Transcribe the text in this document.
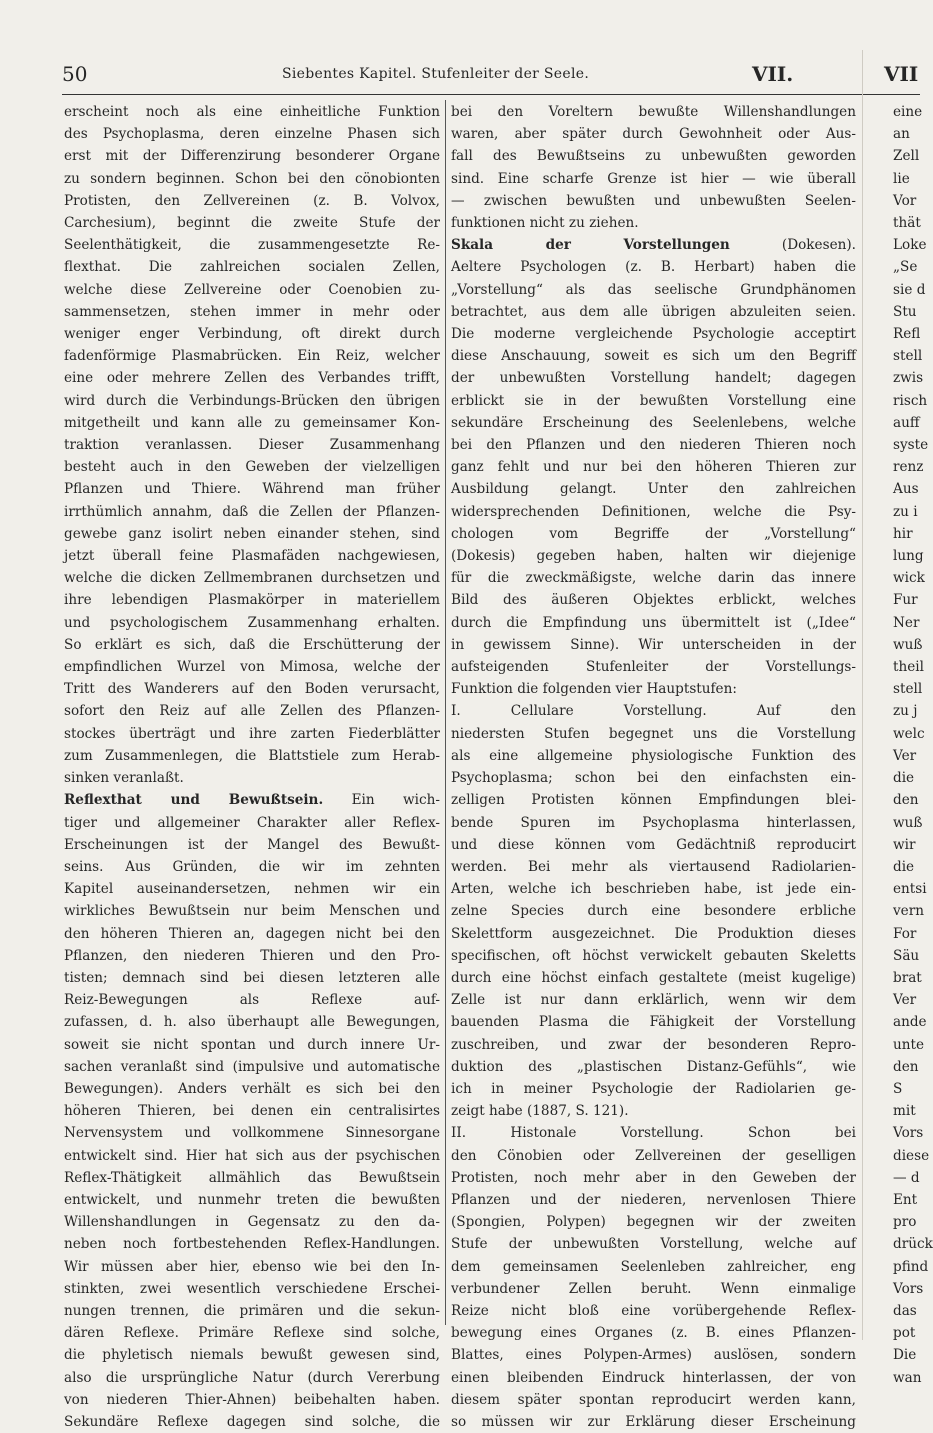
50	Siebentes Kapitel. Stufenleiter der Seele.	VII.	VII
erscheint noch als eine einheitliche Funktion
des Psychoplasma, deren einzelne Phasen sich
erst mit der Differenzirung besonderer Organe
zu sondern beginnen. Schon bei den cönobionten
Protisten, den Zellvereinen (z. B. Volvox,
Carchesium), beginnt die zweite Stufe der
Seelenthätigkeit, die zusammengesetzte Re-
flexthat. Die zahlreichen socialen Zellen,
welche diese Zellvereine oder Coenobien zu-
sammensetzen, stehen immer in mehr oder
weniger enger Verbindung, oft direkt durch
fadenförmige Plasmabrücken. Ein Reiz, welcher
eine oder mehrere Zellen des Verbandes trifft,
wird durch die Verbindungs-Brücken den übrigen
mitgetheilt und kann alle zu gemeinsamer Kon-
traktion veranlassen. Dieser Zusammenhang
besteht auch in den Geweben der vielzelligen
Pflanzen und Thiere. Während man früher
irrthümlich annahm, daß die Zellen der Pflanzen-
gewebe ganz isolirt neben einander stehen, sind
jetzt überall feine Plasmafäden nachgewiesen,
welche die dicken Zellmembranen durchsetzen und
ihre lebendigen Plasmakörper in materiellem
und psychologischem Zusammenhang erhalten.
So erklärt es sich, daß die Erschütterung der
empfindlichen Wurzel von Mimosa, welche der
Tritt des Wanderers auf den Boden verursacht,
sofort den Reiz auf alle Zellen des Pflanzen-
stockes überträgt und ihre zarten Fiederblätter
zum Zusammenlegen, die Blattstiele zum Herab-
sinken veranlaßt.
Reflexthat und Bewußtsein. Ein wich-
tiger und allgemeiner Charakter aller Reflex-
Erscheinungen ist der Mangel des Bewußt-
seins. Aus Gründen, die wir im zehnten
Kapitel auseinandersetzen, nehmen wir ein
wirkliches Bewußtsein nur beim Menschen und
den höheren Thieren an, dagegen nicht bei den
Pflanzen, den niederen Thieren und den Pro-
tisten; demnach sind bei diesen letzteren alle
Reiz-Bewegungen als Reflexe auf-
zufassen, d. h. also überhaupt alle Bewegungen,
soweit sie nicht spontan und durch innere Ur-
sachen veranlaßt sind (impulsive und automatische
Bewegungen). Anders verhält es sich bei den
höheren Thieren, bei denen ein centralisirtes
Nervensystem und vollkommene Sinnesorgane
entwickelt sind. Hier hat sich aus der psychischen
Reflex-Thätigkeit allmählich das Bewußtsein
entwickelt, und nunmehr treten die bewußten
Willenshandlungen in Gegensatz zu den da-
neben noch fortbestehenden Reflex-Handlungen.
Wir müssen aber hier, ebenso wie bei den In-
stinkten, zwei wesentlich verschiedene Erschei-
nungen trennen, die primären und die sekun-
dären Reflexe. Primäre Reflexe sind solche,
die phyletisch niemals bewußt gewesen sind,
also die ursprüngliche Natur (durch Vererbung
von niederen Thier-Ahnen) beibehalten haben.
Sekundäre Reflexe dagegen sind solche, die
bei den Voreltern bewußte Willenshandlungen
waren, aber später durch Gewohnheit oder Aus-
fall des Bewußtseins zu unbewußten geworden
sind. Eine scharfe Grenze ist hier — wie überall
— zwischen bewußten und unbewußten Seelen-
funktionen nicht zu ziehen.
Skala der Vorstellungen (Dokesen).
Aeltere Psychologen (z. B. Herbart) haben die
„Vorstellung“ als das seelische Grundphänomen
betrachtet, aus dem alle übrigen abzuleiten seien.
Die moderne vergleichende Psychologie acceptirt
diese Anschauung, soweit es sich um den Begriff
der unbewußten Vorstellung handelt; dagegen
erblickt sie in der bewußten Vorstellung eine
sekundäre Erscheinung des Seelenlebens, welche
bei den Pflanzen und den niederen Thieren noch
ganz fehlt und nur bei den höheren Thieren zur
Ausbildung gelangt. Unter den zahlreichen
widersprechenden Definitionen, welche die Psy-
chologen vom Begriffe der „Vorstellung“
(Dokesis) gegeben haben, halten wir diejenige
für die zweckmäßigste, welche darin das innere
Bild des äußeren Objektes erblickt, welches
durch die Empfindung uns übermittelt ist („Idee“
in gewissem Sinne). Wir unterscheiden in der
aufsteigenden Stufenleiter der Vorstellungs-
Funktion die folgenden vier Hauptstufen:
I. Cellulare Vorstellung. Auf den
niedersten Stufen begegnet uns die Vorstellung
als eine allgemeine physiologische Funktion des
Psychoplasma; schon bei den einfachsten ein-
zelligen Protisten können Empfindungen blei-
bende Spuren im Psychoplasma hinterlassen,
und diese können vom Gedächtniß reproducirt
werden. Bei mehr als viertausend Radiolarien-
Arten, welche ich beschrieben habe, ist jede ein-
zelne Species durch eine besondere erbliche
Skelettform ausgezeichnet. Die Produktion dieses
specifischen, oft höchst verwickelt gebauten Skeletts
durch eine höchst einfach gestaltete (meist kugelige)
Zelle ist nur dann erklärlich, wenn wir dem
bauenden Plasma die Fähigkeit der Vorstellung
zuschreiben, und zwar der besonderen Repro-
duktion des „plastischen Distanz-Gefühls“, wie
ich in meiner Psychologie der Radiolarien ge-
zeigt habe (1887, S. 121).
II. Histonale Vorstellung. Schon bei
den Cönobien oder Zellvereinen der geselligen
Protisten, noch mehr aber in den Geweben der
Pflanzen und der niederen, nervenlosen Thiere
(Spongien, Polypen) begegnen wir der zweiten
Stufe der unbewußten Vorstellung, welche auf
dem gemeinsamen Seelenleben zahlreicher, eng
verbundener Zellen beruht. Wenn einmalige
Reize nicht bloß eine vorübergehende Reflex-
bewegung eines Organes (z. B. eines Pflanzen-
Blattes, eines Polypen-Armes) auslösen, sondern
einen bleibenden Eindruck hinterlassen, der von
diesem später spontan reproducirt werden kann,
so müssen wir zur Erklärung dieser Erscheinung
eine
an
Zell
lie
Vor
thät
Loke
„Se
sie d
Stu
Refl
stell
zwis
risch
auff
syste
renz
Aus
zu i
hir
lung
wick
Fur
Ner
wuß
theil
stell
zu j
welc
Ver
die
den
wuß
wir
die
entsi
vern
For
Säu
brat
Ver
ande
unte
den
S
mit
Vors
diese
— d
Ent
pro
drück
pfind
Vors
das
pot
Die
wan
